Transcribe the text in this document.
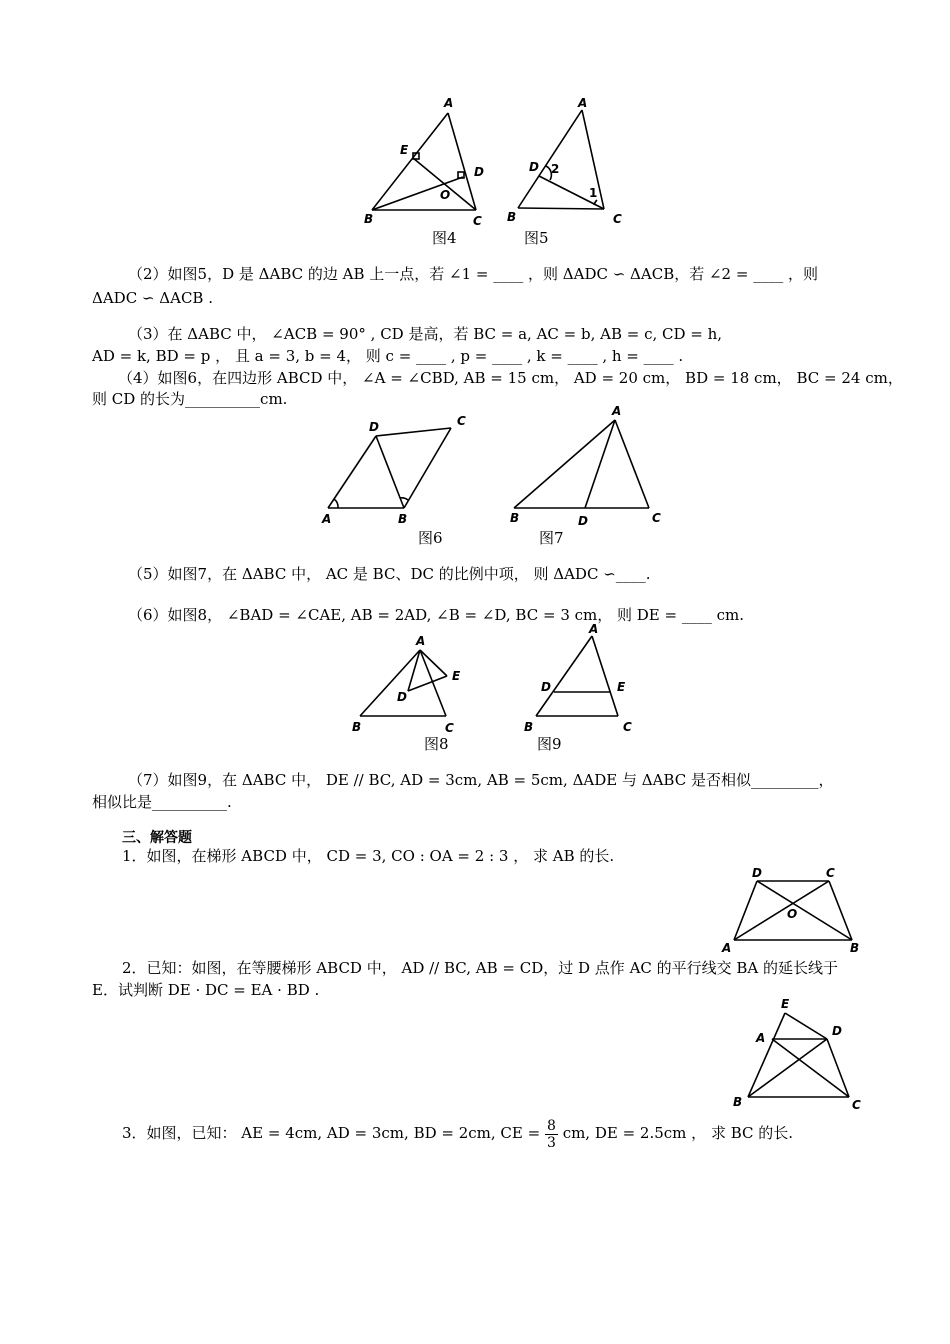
A
E
D
O
B	C
图4
A
D 2
1
B	C
图5
（2）如图5，D 是 ΔABC 的边 AB 上一点，若 ∠1 = ____ ，则 ΔADC ∽ ΔACB，若 ∠2 = ____ ，则
ΔADC ∽ ΔACB .
（3）在 ΔABC 中， ∠ACB = 90° , CD 是高，若 BC = a, AC = b, AB = c, CD = h,
AD = k, BD = p ， 且 a = 3, b = 4， 则 c = ____ , p = ____ , k = ____ , h = ____ .
（4）如图6，在四边形 ABCD 中， ∠A = ∠CBD, AB = 15 cm， AD = 20 cm， BD = 18 cm， BC = 24 cm，
则 CD 的长为__________cm.
D	C
A	B
图6
A
B	D	C
图7
（5）如图7，在 ΔABC 中， AC 是 BC、DC 的比例中项， 则 ΔADC ∽____.
（6）如图8， ∠BAD = ∠CAE, AB = 2AD, ∠B = ∠D, BC = 3 cm， 则 DE = ____ cm.
A
E
D
B	C
图8
A
D	E
B	C
图9
（7）如图9，在 ΔABC 中， DE // BC, AD = 3cm, AB = 5cm, ΔADE 与 ΔABC 是否相似_________，
相似比是__________.
三、解答题
1．如图，在梯形 ABCD 中， CD = 3, CO : OA = 2 : 3 ， 求 AB 的长.
D	C
O
A	B
2．已知：如图，在等腰梯形 ABCD 中， AD // BC, AB = CD，过 D 点作 AC 的平行线交 BA 的延长线于
E．试判断 DE · DC = EA · BD .
E
A	D
B	C
3．如图，已知： AE = 4cm, AD = 3cm, BD = 2cm, CE = $\frac{8}{3}$ cm, DE = 2.5cm ， 求 BC 的长.
